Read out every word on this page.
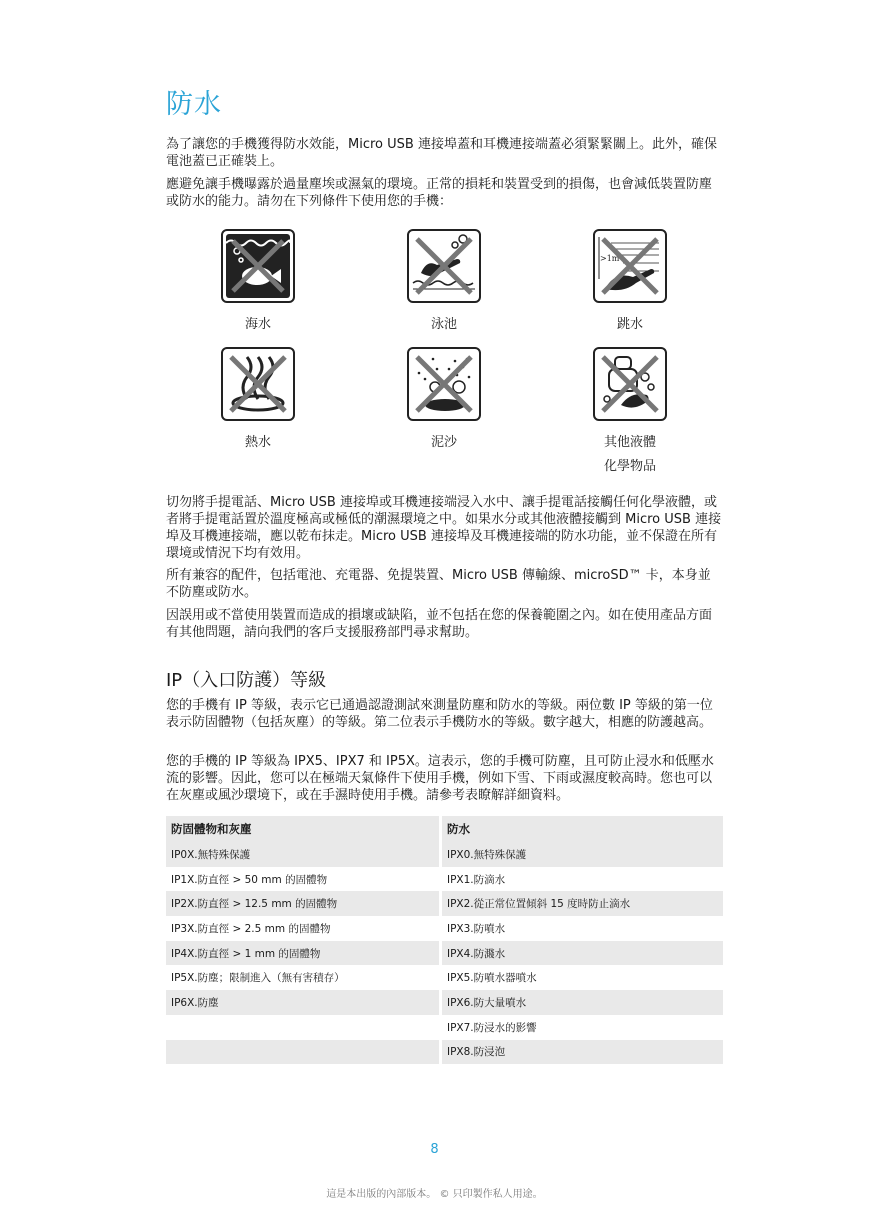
防水

為了讓您的手機獲得防水效能，Micro USB 連接埠蓋和耳機連接端蓋必須緊緊關上。此外，確保電池蓋已正確裝上。

應避免讓手機曝露於過量塵埃或濕氣的環境。正常的損耗和裝置受到的損傷，也會減低裝置防塵或防水的能力。請勿在下列條件下使用您的手機：

海水	泳池
>1m
跳水
熱水	泥沙	其他液體
化學物品

切勿將手提電話、Micro USB 連接埠或耳機連接端浸入水中、讓手提電話接觸任何化學液體，或者將手提電話置於溫度極高或極低的潮濕環境之中。如果水分或其他液體接觸到 Micro USB 連接埠及耳機連接端，應以乾布抹走。Micro USB 連接埠及耳機連接端的防水功能，並不保證在所有環境或情況下均有效用。

所有兼容的配件，包括電池、充電器、免提裝置、Micro USB 傳輸線、microSD™ 卡，本身並不防塵或防水。

因誤用或不當使用裝置而造成的損壞或缺陷，並不包括在您的保養範圍之內。如在使用產品方面有其他問題，請向我們的客戶支援服務部門尋求幫助。

IP（入口防護）等級

您的手機有 IP 等級，表示它已通過認證測試來測量防塵和防水的等級。兩位數 IP 等級的第一位表示防固體物（包括灰塵）的等級。第二位表示手機防水的等級。數字越大，相應的防護越高。

您的手機的 IP 等級為 IPX5、IPX7 和 IP5X。這表示，您的手機可防塵，且可防止浸水和低壓水流的影響。因此，您可以在極端天氣條件下使用手機，例如下雪、下雨或濕度較高時。您也可以在灰塵或風沙環境下，或在手濕時使用手機。請參考表瞭解詳細資料。

防固體物和灰塵	防水
IP0X.無特殊保護	IPX0.無特殊保護
IP1X.防直徑 > 50 mm 的固體物	IPX1.防滴水
IP2X.防直徑 > 12.5 mm 的固體物	IPX2.從正常位置傾斜 15 度時防止滴水
IP3X.防直徑 > 2.5 mm 的固體物	IPX3.防噴水
IP4X.防直徑 > 1 mm 的固體物	IPX4.防濺水
IP5X.防塵；限制進入（無有害積存）	IPX5.防噴水器噴水
IP6X.防塵	IPX6.防大量噴水
	IPX7.防浸水的影響
	IPX8.防浸泡
8
這是本出版的內部版本。 © 只印製作私人用途。
